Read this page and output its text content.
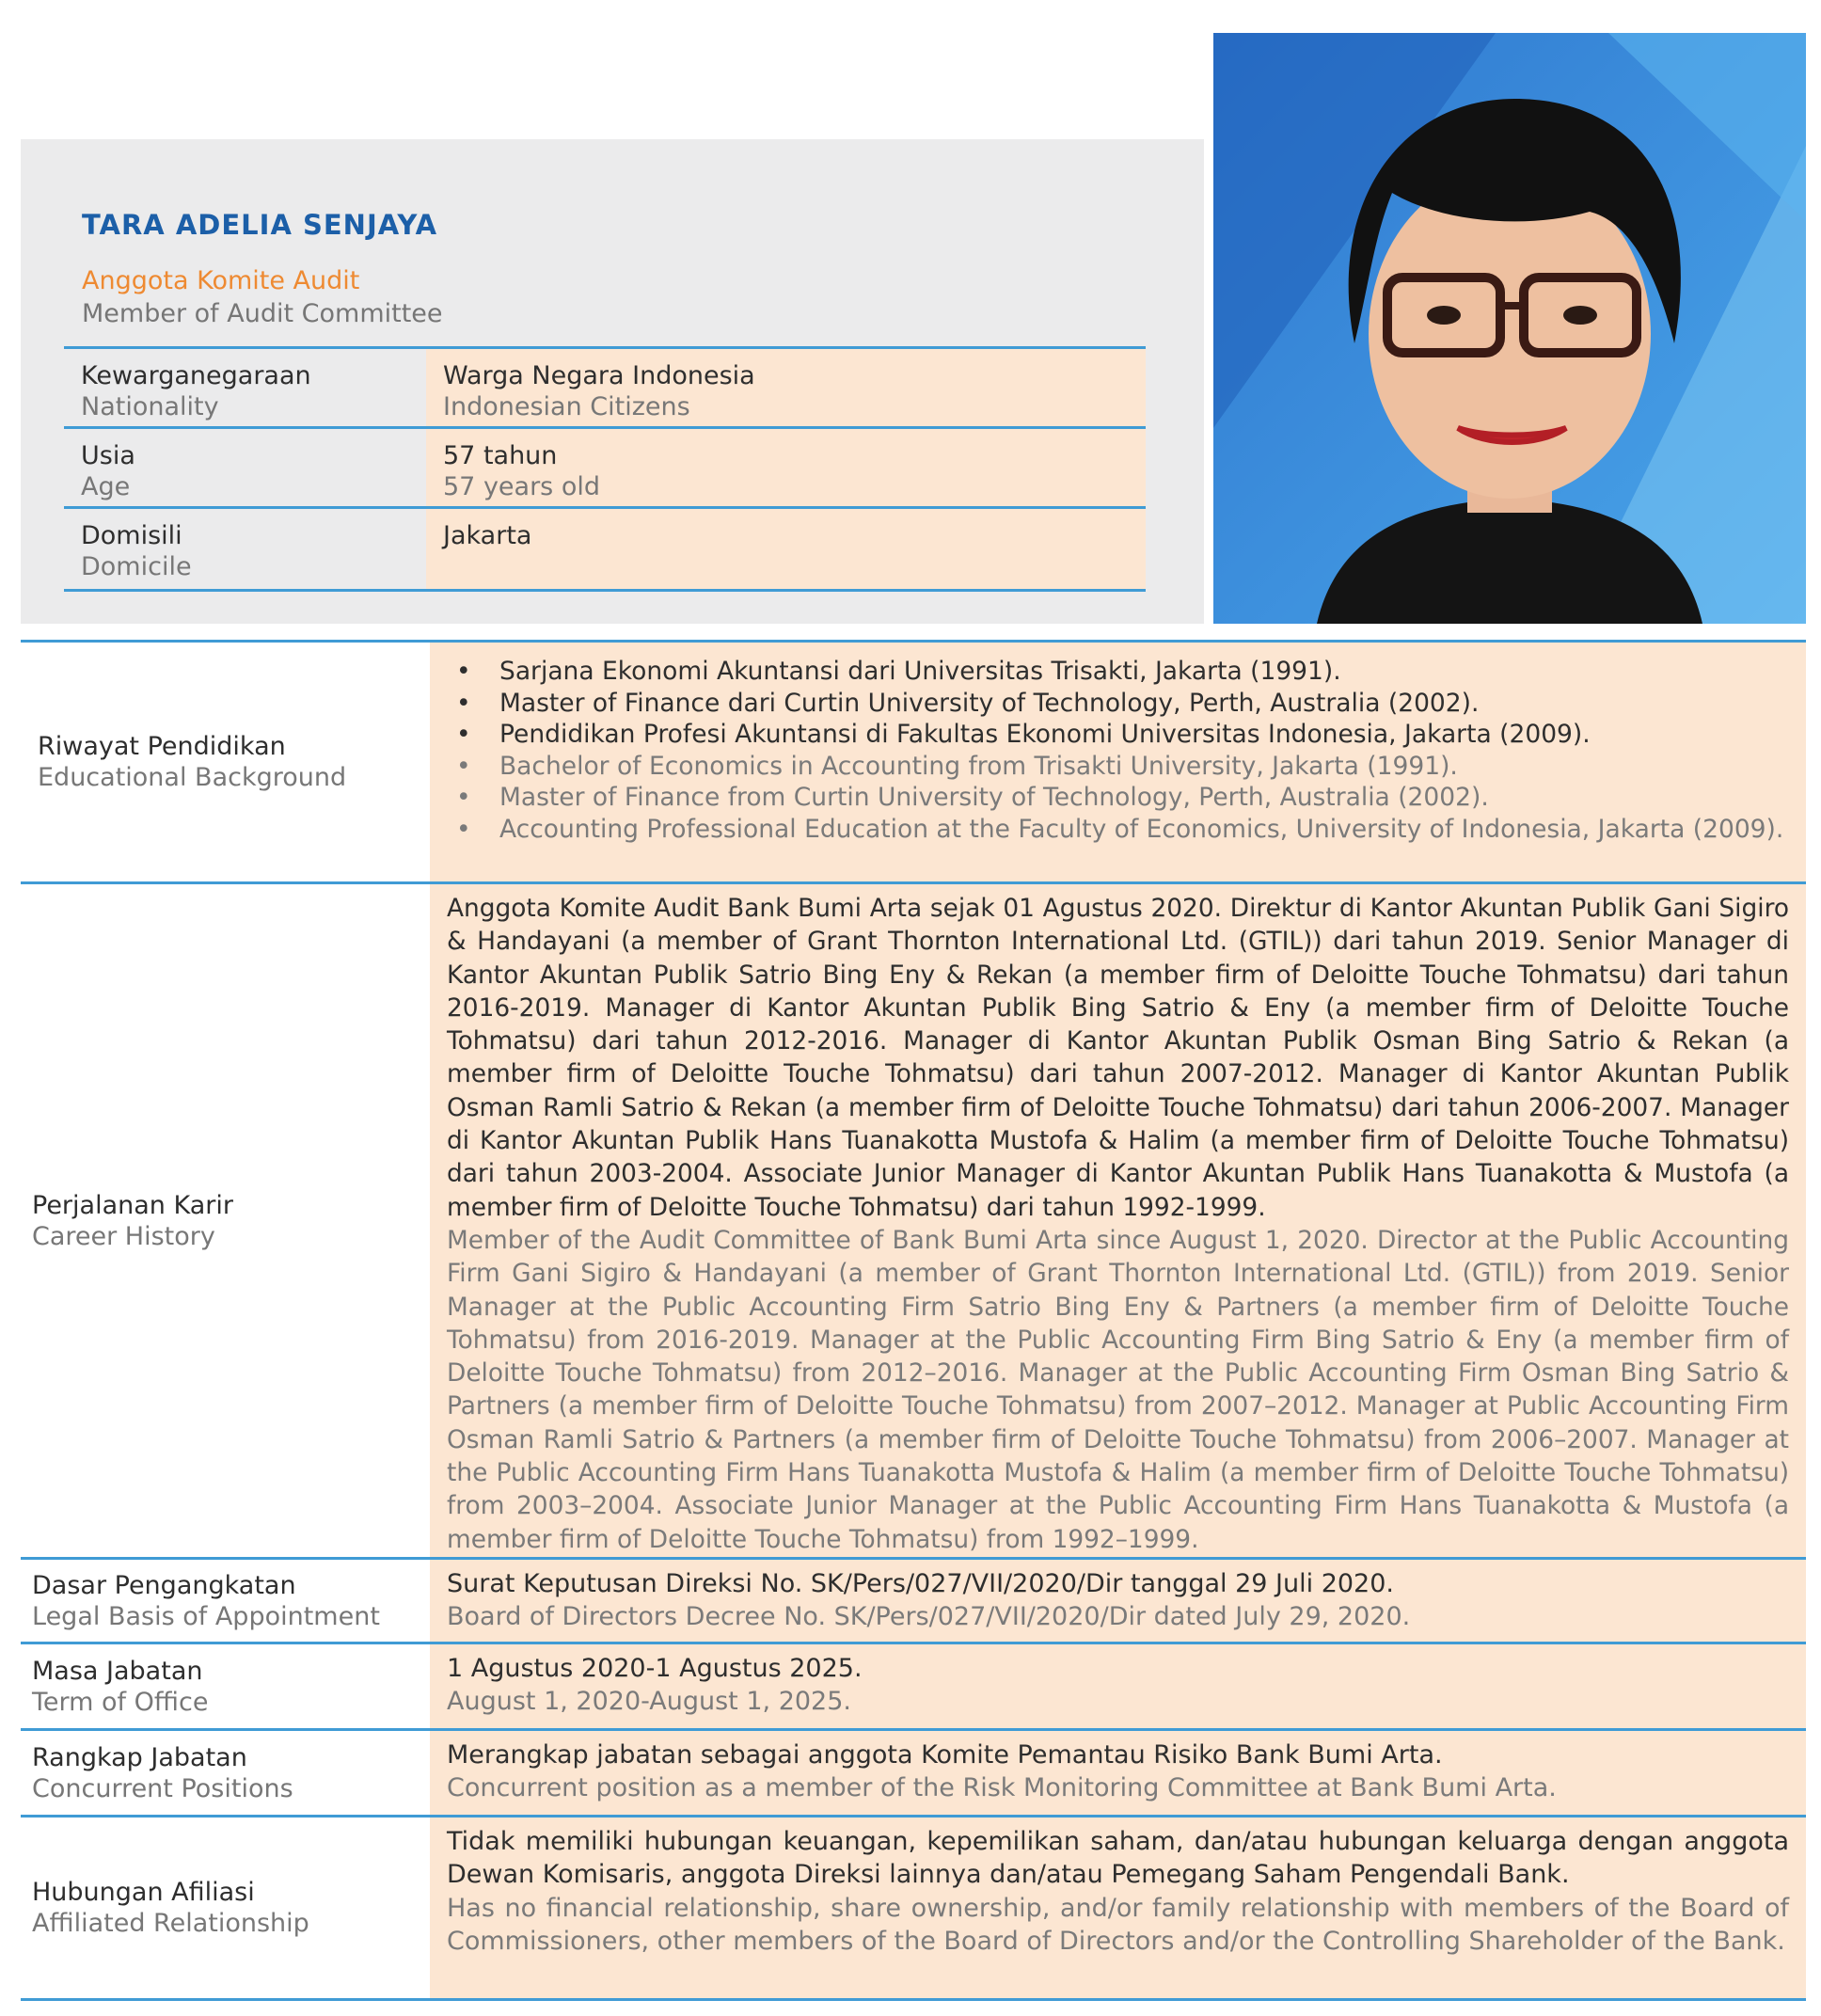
TARA ADELIA SENJAYA
Anggota Komite Audit
Member of Audit Committee
Kewarganegaraan
Nationality
Warga Negara Indonesia
Indonesian Citizens
Usia
Age
57 tahun
57 years old
Domisili
Domicile
Jakarta
Riwayat Pendidikan
Educational Background
• Sarjana Ekonomi Akuntansi dari Universitas Trisakti, Jakarta (1991).
• Master of Finance dari Curtin University of Technology, Perth, Australia (2002).
• Pendidikan Profesi Akuntansi di Fakultas Ekonomi Universitas Indonesia, Jakarta (2009).
• Bachelor of Economics in Accounting from Trisakti University, Jakarta (1991).
• Master of Finance from Curtin University of Technology, Perth, Australia (2002).
• Accounting Professional Education at the Faculty of Economics, University of Indonesia, Jakarta (2009).
Perjalanan Karir
Career History
Anggota Komite Audit Bank Bumi Arta sejak 01 Agustus 2020. Direktur di Kantor Akuntan Publik Gani Sigiro & Handayani (a member of Grant Thornton International Ltd. (GTIL)) dari tahun 2019. Senior Manager di Kantor Akuntan Publik Satrio Bing Eny & Rekan (a member firm of Deloitte Touche Tohmatsu) dari tahun 2016-2019. Manager di Kantor Akuntan Publik Bing Satrio & Eny (a member firm of Deloitte Touche Tohmatsu) dari tahun 2012-2016. Manager di Kantor Akuntan Publik Osman Bing Satrio & Rekan (a member firm of Deloitte Touche Tohmatsu) dari tahun 2007-2012. Manager di Kantor Akuntan Publik Osman Ramli Satrio & Rekan (a member firm of Deloitte Touche Tohmatsu) dari tahun 2006-2007. Manager di Kantor Akuntan Publik Hans Tuanakotta Mustofa & Halim (a member firm of Deloitte Touche Tohmatsu) dari tahun 2003-2004. Associate Junior Manager di Kantor Akuntan Publik Hans Tuanakotta & Mustofa (a member firm of Deloitte Touche Tohmatsu) dari tahun 1992-1999.
Member of the Audit Committee of Bank Bumi Arta since August 1, 2020. Director at the Public Accounting Firm Gani Sigiro & Handayani (a member of Grant Thornton International Ltd. (GTIL)) from 2019. Senior Manager at the Public Accounting Firm Satrio Bing Eny & Partners (a member firm of Deloitte Touche Tohmatsu) from 2016-2019. Manager at the Public Accounting Firm Bing Satrio & Eny (a member firm of Deloitte Touche Tohmatsu) from 2012–2016. Manager at the Public Accounting Firm Osman Bing Satrio & Partners (a member firm of Deloitte Touche Tohmatsu) from 2007–2012. Manager at Public Accounting Firm Osman Ramli Satrio & Partners (a member firm of Deloitte Touche Tohmatsu) from 2006–2007. Manager at the Public Accounting Firm Hans Tuanakotta Mustofa & Halim (a member firm of Deloitte Touche Tohmatsu) from 2003–2004. Associate Junior Manager at the Public Accounting Firm Hans Tuanakotta & Mustofa (a member firm of Deloitte Touche Tohmatsu) from 1992–1999.
Dasar Pengangkatan
Legal Basis of Appointment
Surat Keputusan Direksi No. SK/Pers/027/VII/2020/Dir tanggal 29 Juli 2020.
Board of Directors Decree No. SK/Pers/027/VII/2020/Dir dated July 29, 2020.
Masa Jabatan
Term of Office
1 Agustus 2020-1 Agustus 2025.
August 1, 2020-August 1, 2025.
Rangkap Jabatan
Concurrent Positions
Merangkap jabatan sebagai anggota Komite Pemantau Risiko Bank Bumi Arta.
Concurrent position as a member of the Risk Monitoring Committee at Bank Bumi Arta.
Hubungan Afiliasi
Affiliated Relationship
Tidak memiliki hubungan keuangan, kepemilikan saham, dan/atau hubungan keluarga dengan anggota Dewan Komisaris, anggota Direksi lainnya dan/atau Pemegang Saham Pengendali Bank.
Has no financial relationship, share ownership, and/or family relationship with members of the Board of Commissioners, other members of the Board of Directors and/or the Controlling Shareholder of the Bank.
